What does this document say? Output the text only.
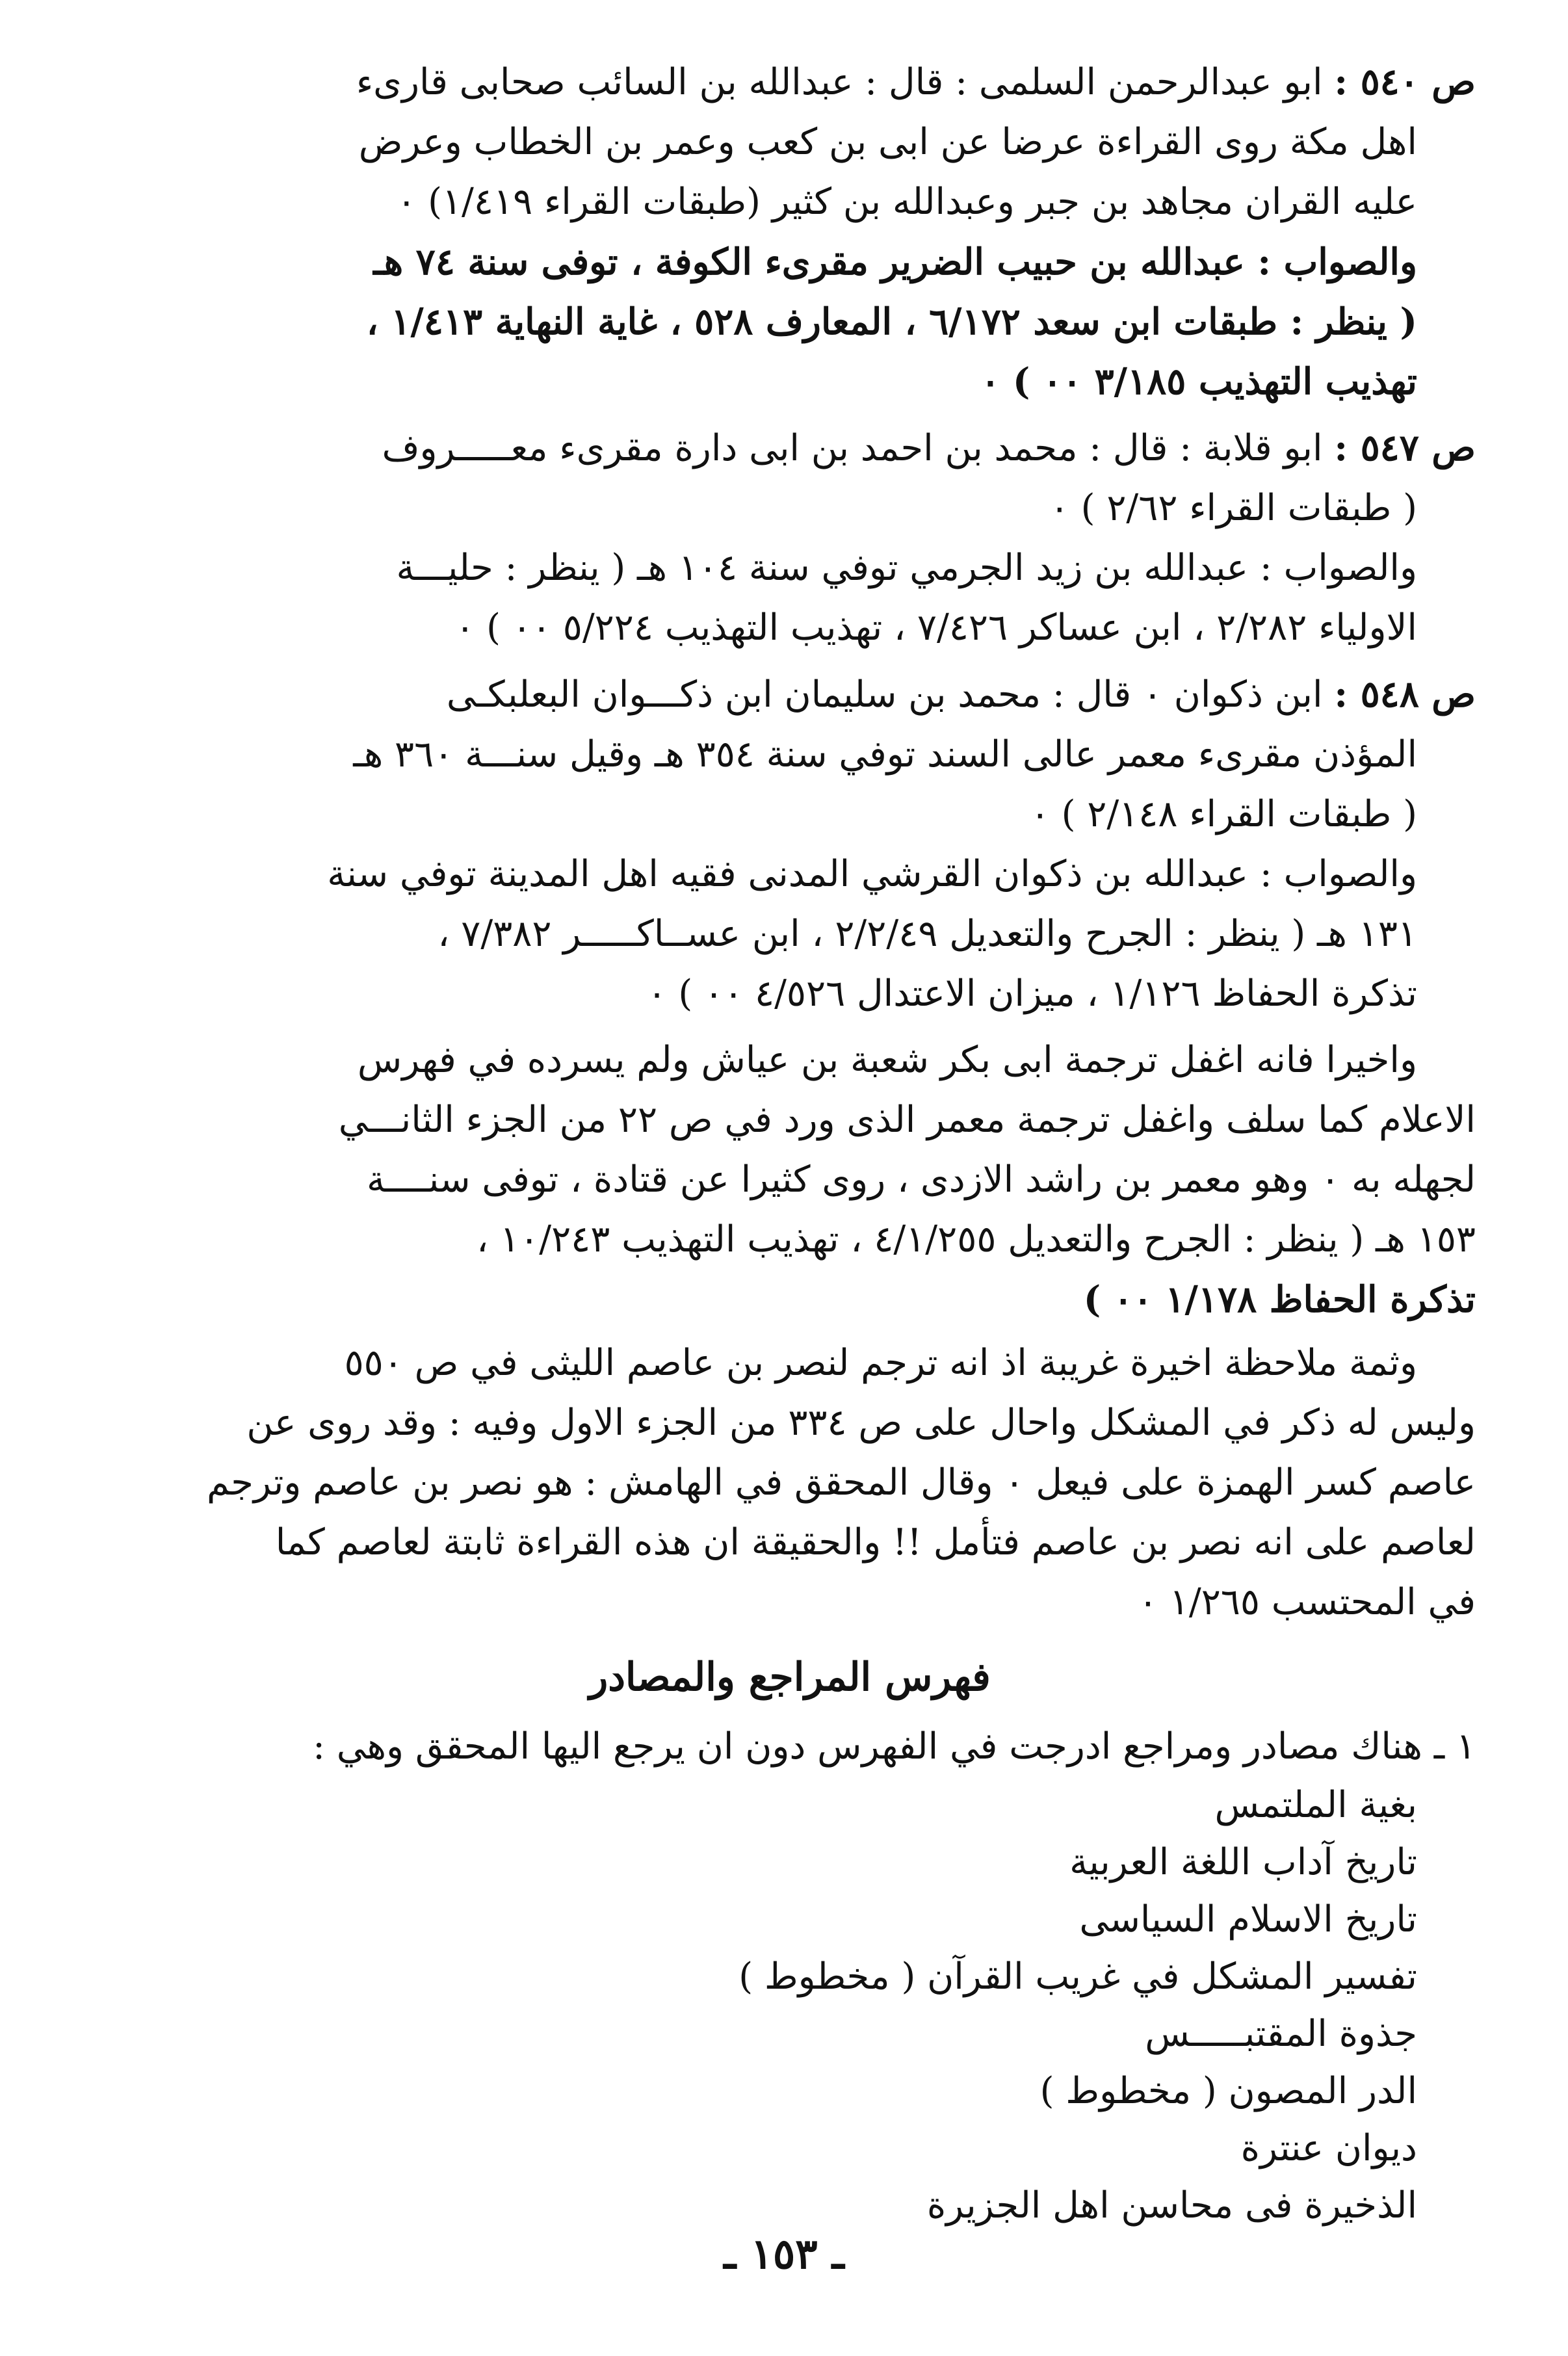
ص ٥٤٠ : ابو عبدالرحمن السلمى : قال : عبدالله بن السائب صحابى قارىء
اهل مكة روى القراءة عرضا عن ابى بن كعب وعمر بن الخطاب وعرض
عليه القران مجاهد بن جبر وعبدالله بن كثير (طبقات القراء ١/٤١٩) ٠
والصواب : عبدالله بن حبيب الضرير مقرىء الكوفة ، توفى سنة ٧٤ هـ
( ينظر : طبقات ابن سعد ٦/١٧٢ ، المعارف ٥٢٨ ، غاية النهاية ١/٤١٣ ،
تهذيب التهذيب ٣/١٨٥ ٠٠ ) ٠
ص ٥٤٧ : ابو قلابة : قال : محمد بن احمد بن ابى دارة مقرىء معـــــروف
( طبقات القراء ٢/٦٢ ) ٠
والصواب : عبدالله بن زيد الجرمي توفي سنة ١٠٤ هـ ( ينظر : حليـــة
الاولياء ٢/٢٨٢ ، ابن عساكر ٧/٤٢٦ ، تهذيب التهذيب ٥/٢٢٤ ٠٠ ) ٠
ص ٥٤٨ : ابن ذكوان ٠ قال : محمد بن سليمان ابن ذكـــوان البعلبكـى
المؤذن مقرىء معمر عالى السند توفي سنة ٣٥٤ هـ وقيل سنـــة ٣٦٠ هـ
( طبقات القراء ٢/١٤٨ ) ٠
والصواب : عبدالله بن ذكوان القرشي المدنى فقيه اهل المدينة توفي سنة
١٣١ هـ ( ينظر : الجرح والتعديل ٢/٢/٤٩ ، ابن عســاكـــــر ٧/٣٨٢ ،
تذكرة الحفاظ ١/١٢٦ ، ميزان الاعتدال ٤/٥٢٦ ٠٠ ) ٠
واخيرا فانه اغفل ترجمة ابى بكر شعبة بن عياش ولم يسرده في فهرس
الاعلام كما سلف واغفل ترجمة معمر الذى ورد في ص ٢٢ من الجزء الثانـــي
لجهله به ٠ وهو معمر بن راشد الازدى ، روى كثيرا عن قتادة ، توفى سنــــة
١٥٣ هـ ( ينظر : الجرح والتعديل ٤/١/٢٥٥ ، تهذيب التهذيب ١٠/٢٤٣ ،
تذكرة الحفاظ ١/١٧٨ ٠٠ )
وثمة ملاحظة اخيرة غريبة اذ انه ترجم لنصر بن عاصم الليثى في ص ٥٥٠
وليس له ذكر في المشكل واحال على ص ٣٣٤ من الجزء الاول وفيه : وقد روى عن
عاصم كسر الهمزة على فيعل ٠ وقال المحقق في الهامش : هو نصر بن عاصم وترجم
لعاصم على انه نصر بن عاصم فتأمل !! والحقيقة ان هذه القراءة ثابتة لعاصم كما
في المحتسب ١/٢٦٥ ٠
فهرس المراجع والمصادر
١ ـ هناك مصادر ومراجع ادرجت في الفهرس دون ان يرجع اليها المحقق وهي :
بغية الملتمس
تاريخ آداب اللغة العربية
تاريخ الاسلام السياسى
تفسير المشكل في غريب القرآن ( مخطوط )
جذوة المقتبـــــس
الدر المصون ( مخطوط )
ديوان عنترة
الذخيرة فى محاسن اهل الجزيرة
ـ ١٥٣ ـ
